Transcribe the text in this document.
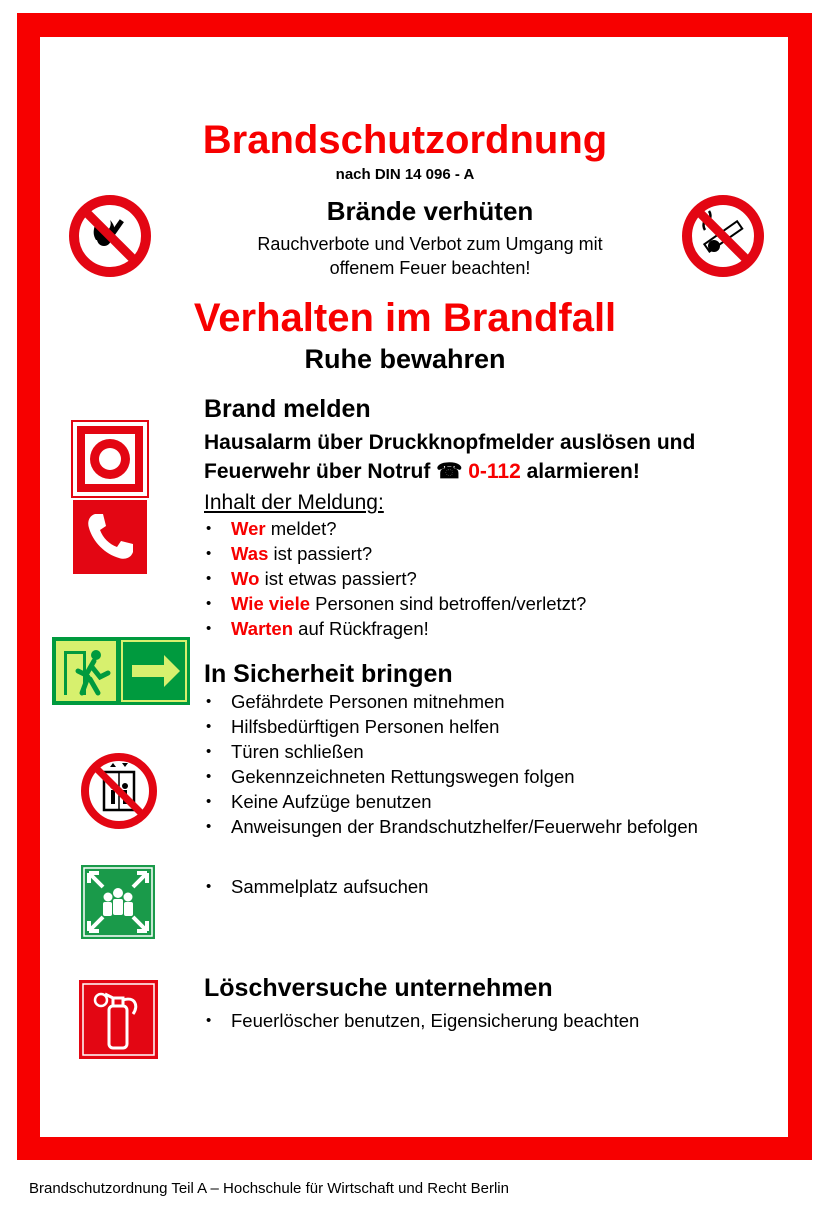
Brandschutzordnung
nach DIN 14 096 - A
Brände verhüten
Rauchverbote und Verbot zum Umgang mit
offenem Feuer beachten!
Verhalten im Brandfall
Ruhe bewahren
Brand melden
Hausalarm über Druckknopfmelder auslösen und
Feuerwehr über Notruf ☎ 0-112 alarmieren!
Inhalt der Meldung:
• Wer meldet?
• Was ist passiert?
• Wo ist etwas passiert?
• Wie viele Personen sind betroffen/verletzt?
• Warten auf Rückfragen!
In Sicherheit bringen
• Gefährdete Personen mitnehmen
• Hilfsbedürftigen Personen helfen
• Türen schließen
• Gekennzeichneten Rettungswegen folgen
• Keine Aufzüge benutzen
• Anweisungen der Brandschutzhelfer/Feuerwehr befolgen
• Sammelplatz aufsuchen
Löschversuche unternehmen
• Feuerlöscher benutzen, Eigensicherung beachten
Brandschutzordnung Teil A – Hochschule für Wirtschaft und Recht Berlin
